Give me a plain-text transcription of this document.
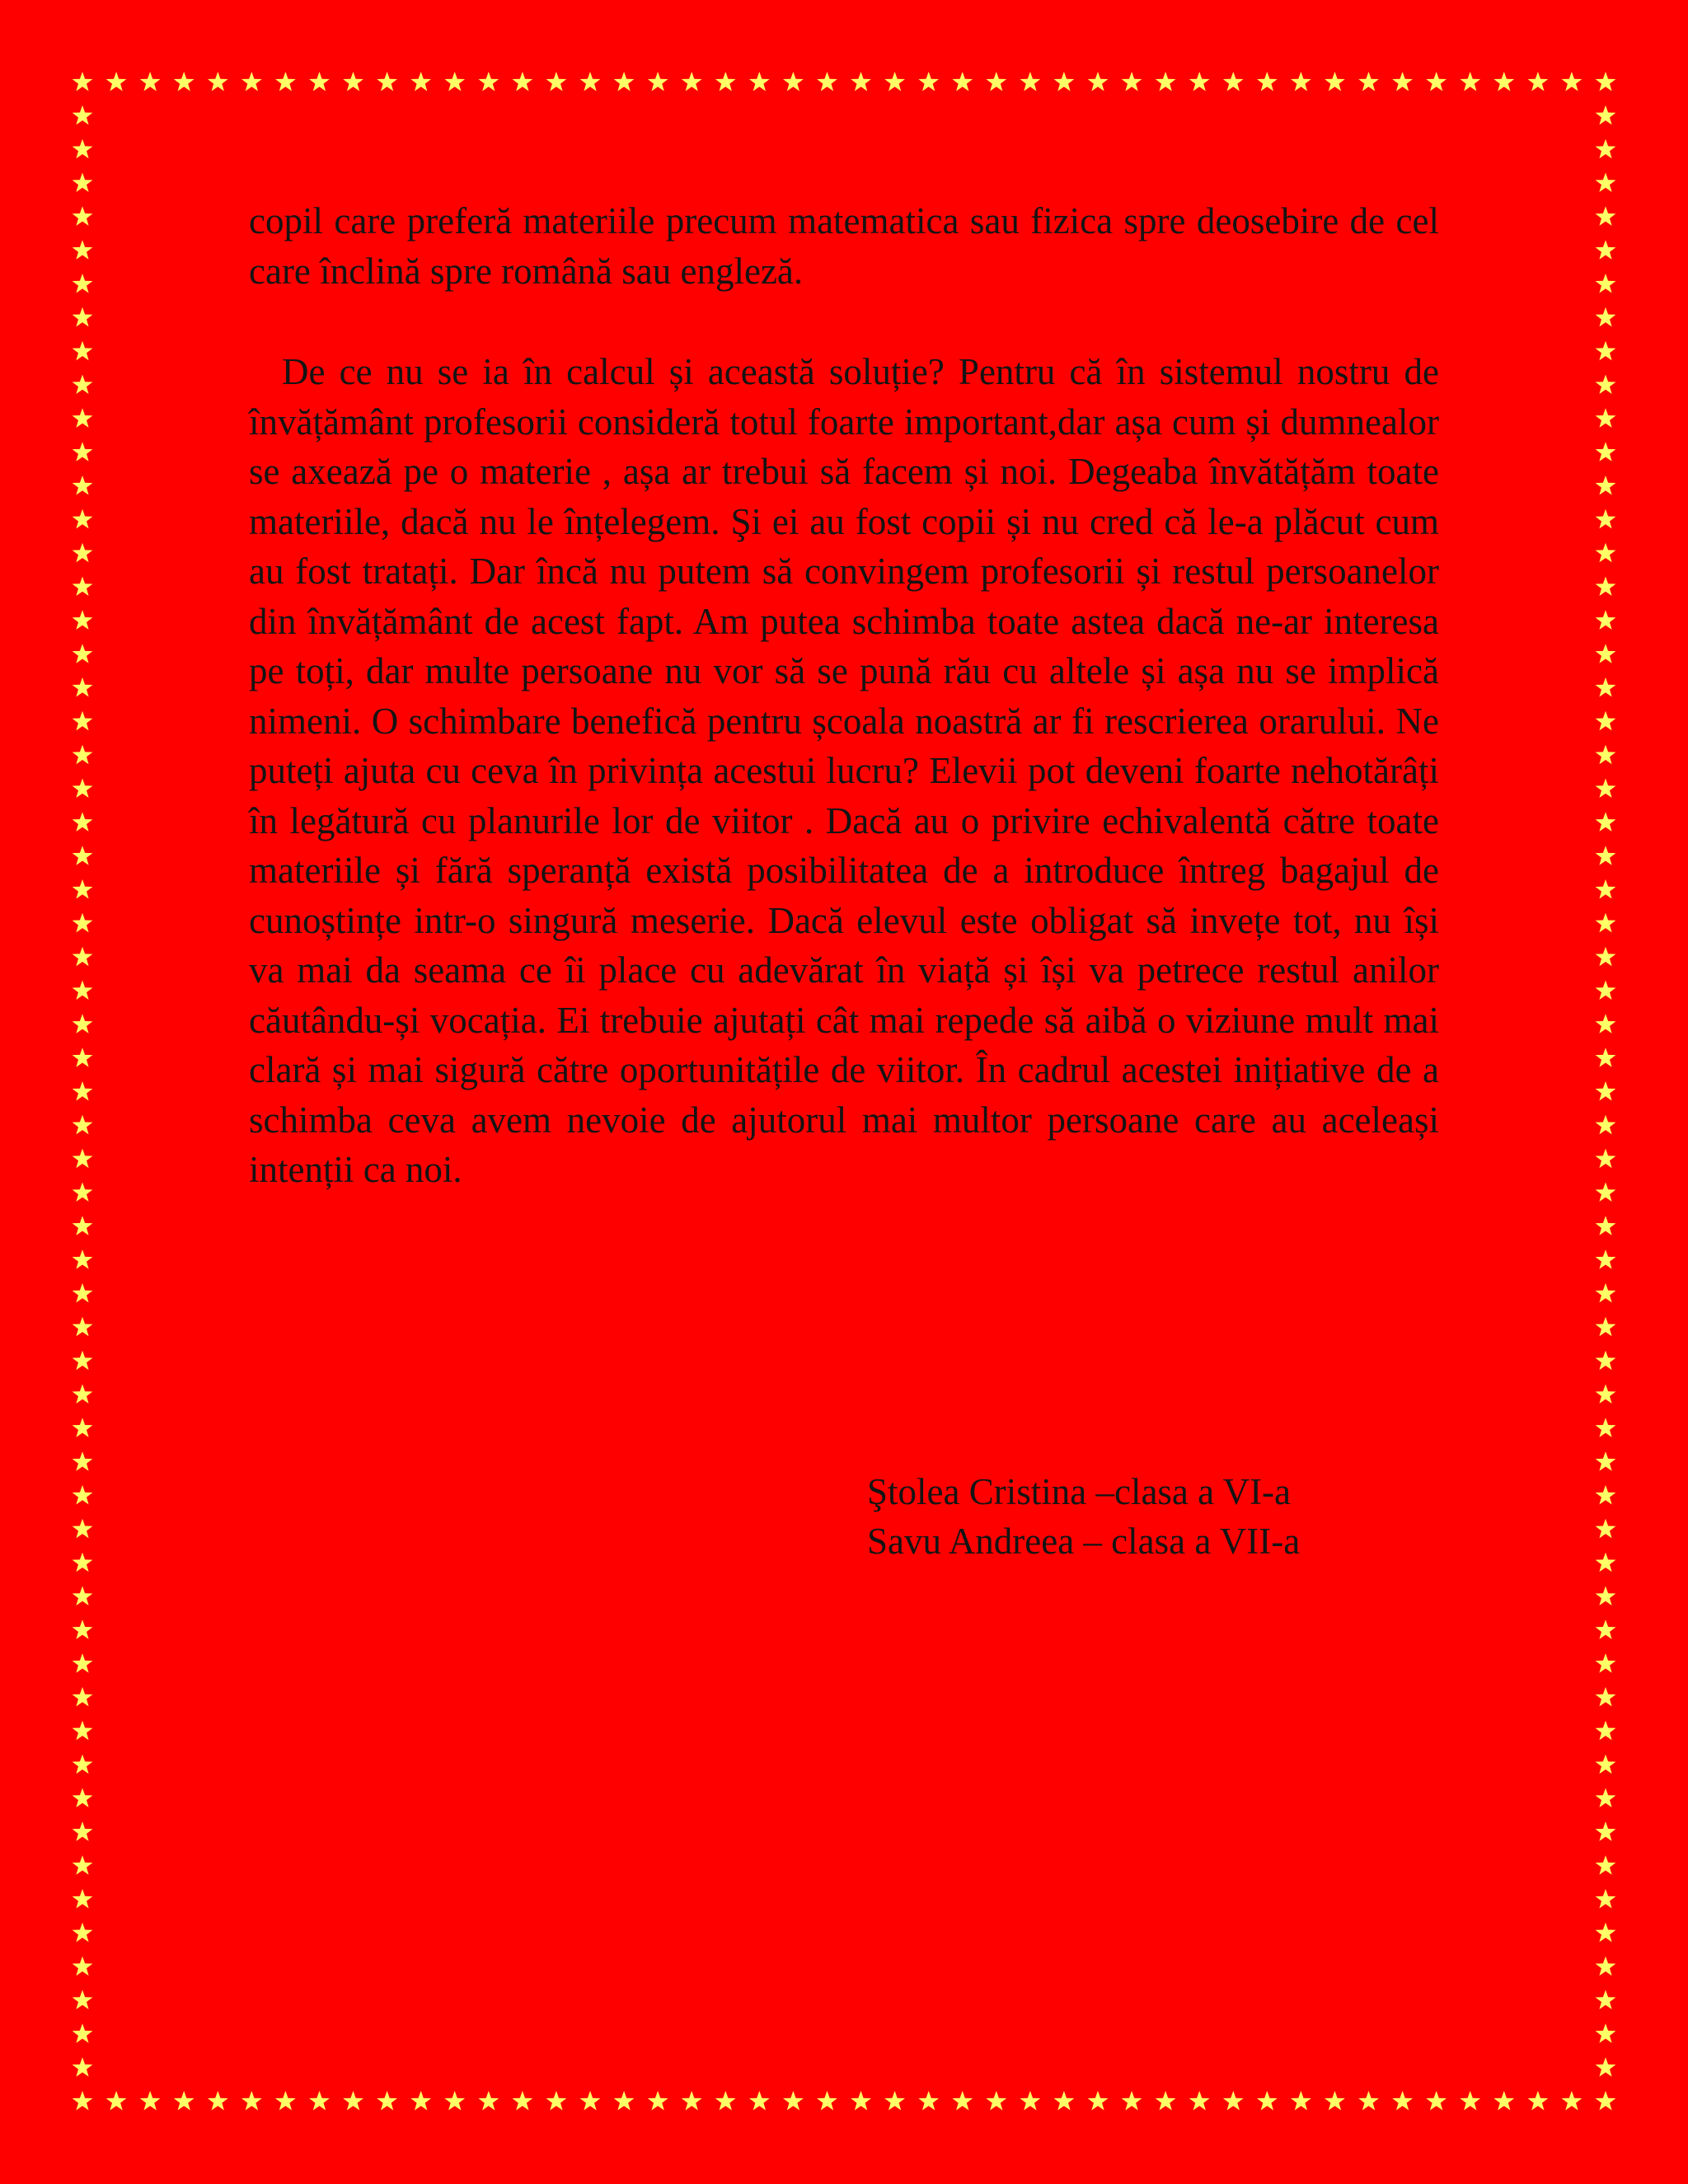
copil care preferă materiile precum matematica sau fizica spre deosebire de cel care înclină spre română sau engleză.

De ce nu se ia în calcul și această soluție? Pentru că în sistemul nostru de învățământ profesorii consideră totul foarte important,dar așa cum și dumnealor se axează pe o materie , așa ar trebui să facem și noi. Degeaba învătățăm toate materiile, dacă nu le înțelegem. Şi ei au fost copii și nu cred că le-a plăcut cum au fost tratați. Dar încă nu putem să convingem profesorii și restul persoanelor din învățământ de acest fapt. Am putea schimba toate astea dacă ne-ar interesa pe toți, dar multe persoane nu vor să se pună rău cu altele și așa nu se implică nimeni. O schimbare benefică pentru școala noastră ar fi rescrierea orarului. Ne puteți ajuta cu ceva în privința acestui lucru? Elevii pot deveni foarte nehotărâți în legătură cu planurile lor de viitor . Dacă au o privire echivalentă către toate materiile și fără speranță există posibilitatea de a introduce întreg bagajul de cunoștințe intr-o singură meserie. Dacă elevul este obligat să invețe tot, nu își va mai da seama ce îi place cu adevărat în viață și își va petrece restul anilor căutându-și vocația. Ei trebuie ajutați cât mai repede să aibă o viziune mult mai clară și mai sigură către oportunitățile de viitor. În cadrul acestei inițiative de a schimba ceva avem nevoie de ajutorul mai multor persoane care au aceleași intenții ca noi.

Ştolea Cristina –clasa a VI-a
Savu Andreea – clasa a VII-a
